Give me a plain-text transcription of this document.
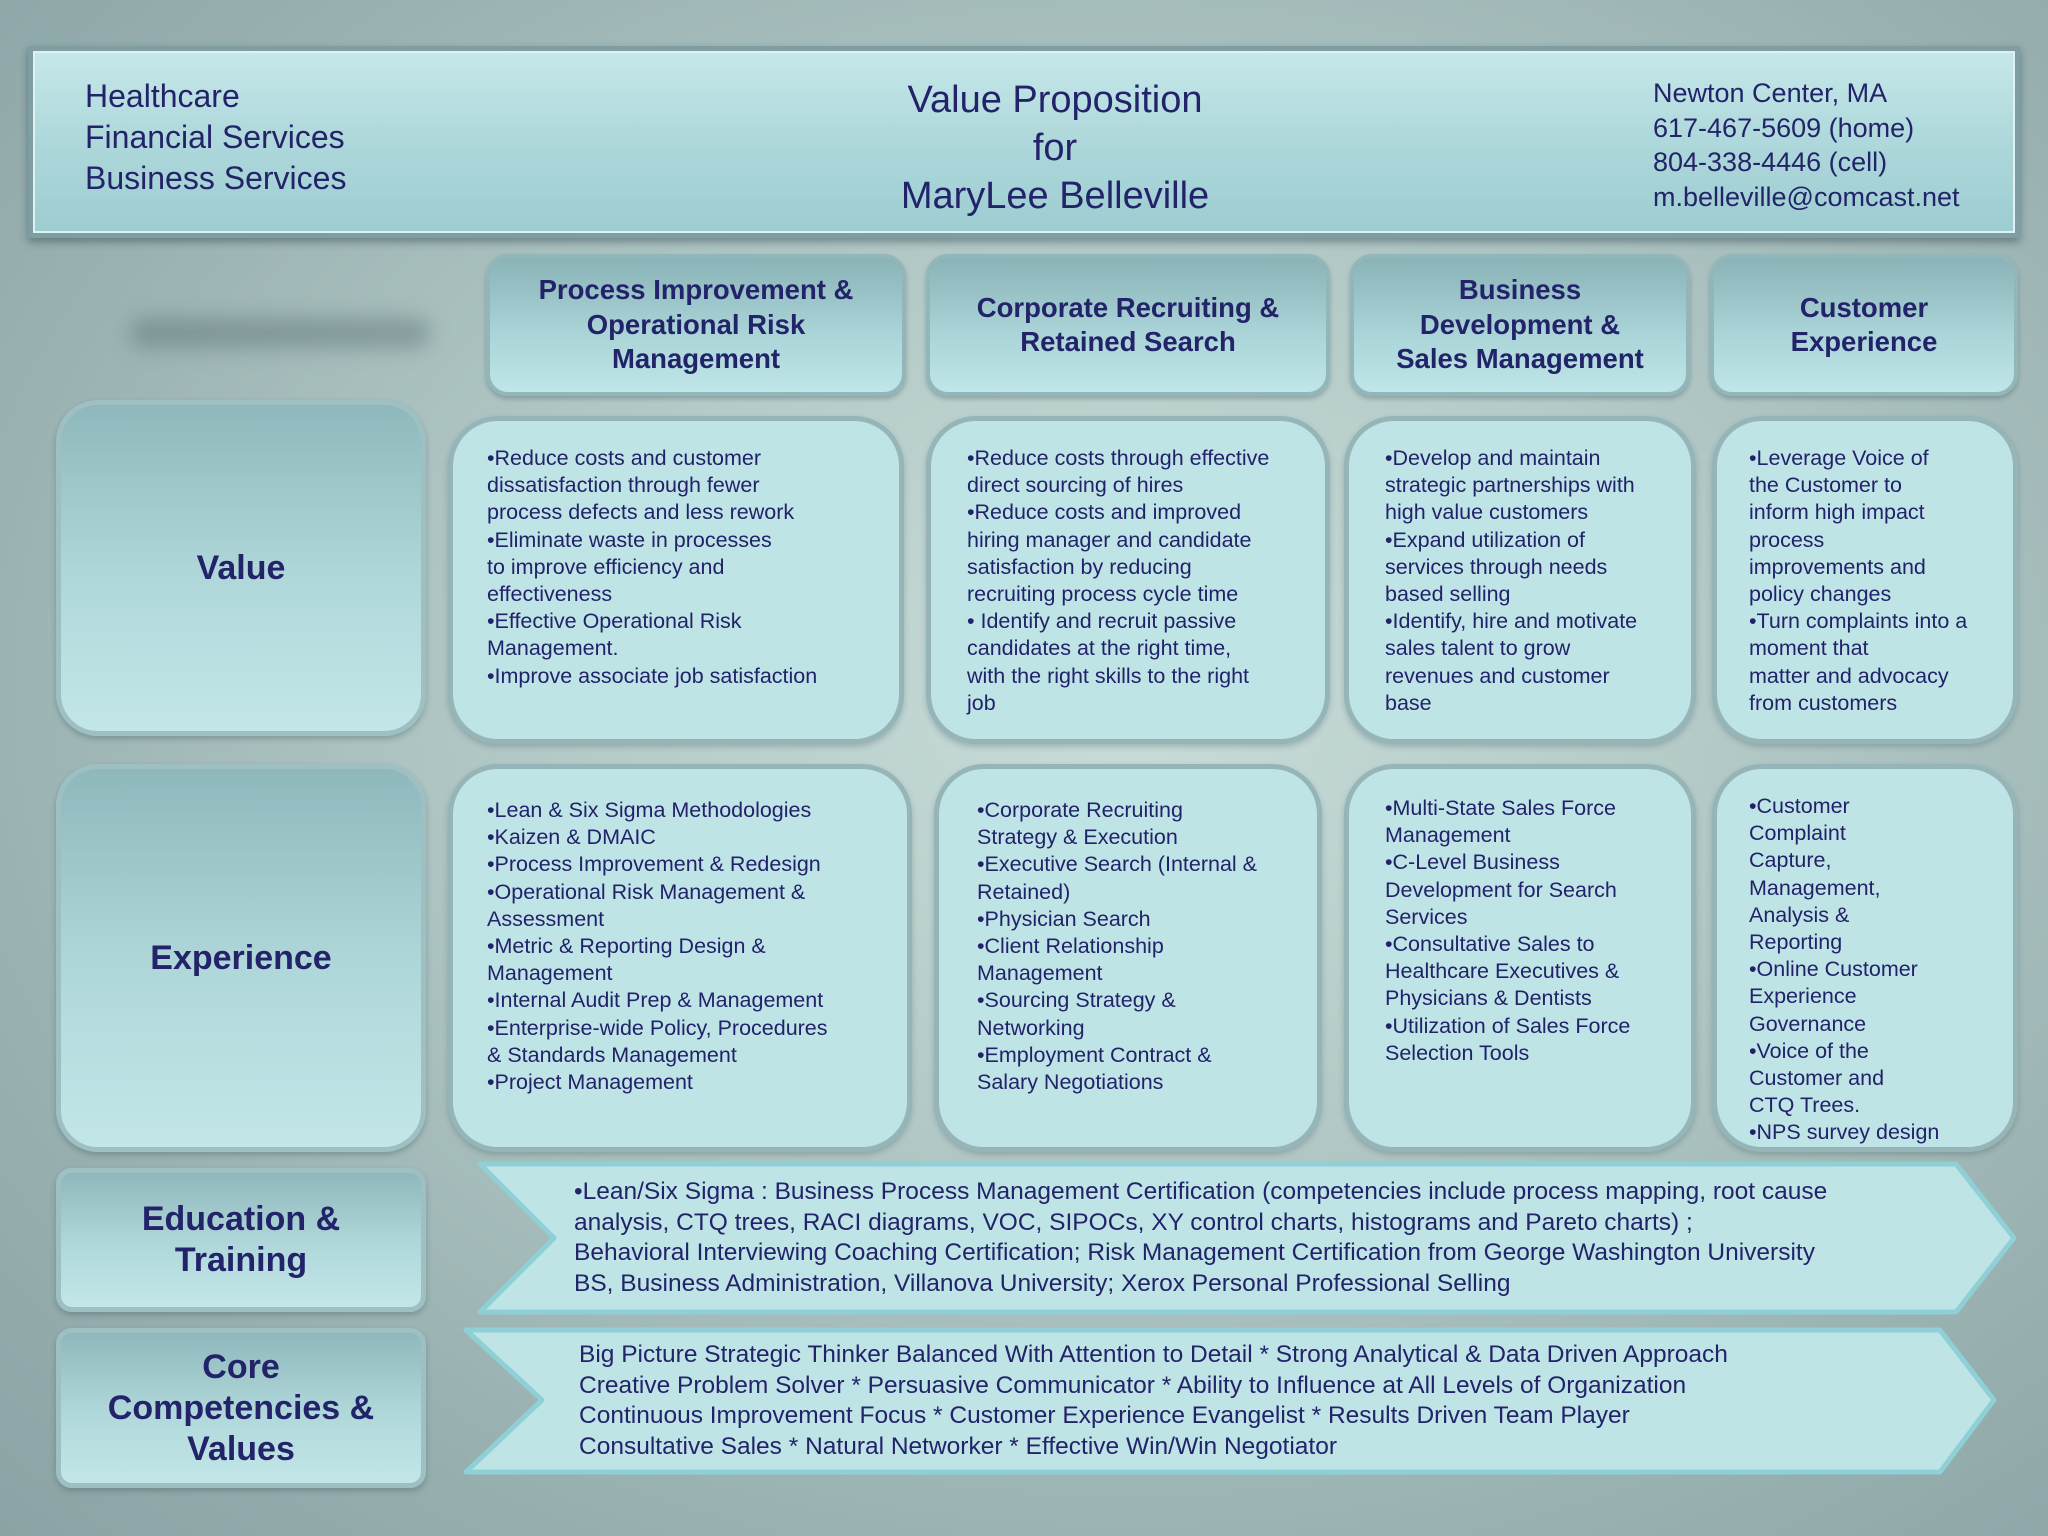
Healthcare
Financial Services
Business Services
Value Proposition
for
MaryLee Belleville
Newton Center, MA
617-467-5609 (home)
804-338-4446 (cell)
m.belleville@comcast.net
Process Improvement & Operational Risk Management
Corporate Recruiting & Retained Search
Business Development & Sales Management
Customer Experience
Value
Experience
Education & Training
Core Competencies & Values
•Reduce costs and customer
dissatisfaction through fewer
process defects and less rework
•Eliminate waste in processes
to improve efficiency and
effectiveness
•Effective Operational Risk
Management.
•Improve associate job satisfaction
•Reduce costs through effective
direct sourcing of hires
•Reduce costs and improved
hiring manager and candidate
satisfaction by reducing
recruiting process cycle time
• Identify and recruit passive
candidates at the right time,
with the right skills to the right
job
•Develop and maintain
strategic partnerships with
high value customers
•Expand utilization of
services through needs
based selling
•Identify, hire and motivate
sales talent to grow
revenues and customer
base
•Leverage Voice of
the Customer to
inform high impact
process
improvements and
policy changes
•Turn complaints into a
moment that
matter and advocacy
from customers
•Lean & Six Sigma Methodologies
•Kaizen & DMAIC
•Process Improvement & Redesign
•Operational Risk Management &
Assessment
•Metric & Reporting Design &
Management
•Internal Audit Prep & Management
•Enterprise-wide Policy, Procedures
& Standards Management
•Project Management
•Corporate Recruiting
Strategy & Execution
•Executive Search (Internal &
Retained)
•Physician Search
•Client Relationship
Management
•Sourcing Strategy &
Networking
•Employment Contract &
Salary Negotiations
•Multi-State Sales Force
Management
•C-Level Business
Development for Search
Services
•Consultative Sales to
Healthcare Executives &
Physicians & Dentists
•Utilization of Sales Force
Selection Tools
•Customer
Complaint
Capture,
Management,
Analysis &
Reporting
•Online Customer
Experience
Governance
•Voice of the
Customer and
CTQ Trees.
•NPS survey design
•Lean/Six Sigma : Business Process Management Certification (competencies include process mapping, root cause
analysis, CTQ trees, RACI diagrams, VOC, SIPOCs, XY control charts, histograms and Pareto charts) ;
Behavioral Interviewing Coaching Certification; Risk Management Certification from George Washington University
BS, Business Administration, Villanova University; Xerox Personal Professional Selling
Big Picture Strategic Thinker Balanced With Attention to Detail * Strong Analytical & Data Driven Approach
Creative Problem Solver * Persuasive Communicator * Ability to Influence at All Levels of Organization
Continuous Improvement Focus * Customer Experience Evangelist * Results Driven Team Player
Consultative Sales * Natural Networker * Effective Win/Win Negotiator
